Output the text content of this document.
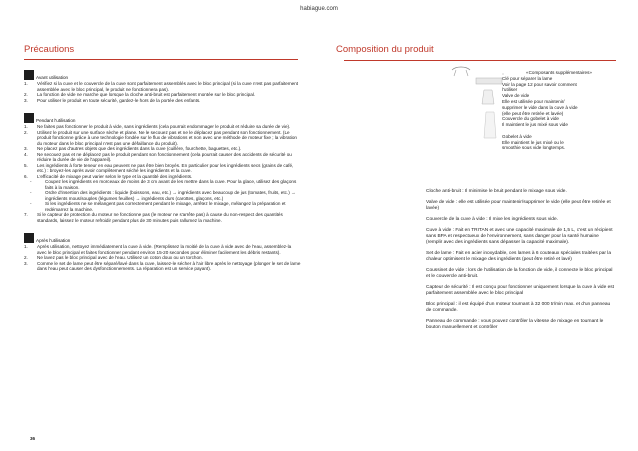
habiague.com
Précautions
Avant utilisation
1.	Vérifiez si la cuve et le couvercle de la cuve sont parfaitement assemblés avec le bloc principal (si la cuve n'est pas parfaitement assemblée avec le bloc principal, le produit ne fonctionnera pas).
2.	La fonction de vide ne marche que lorsque la cloche anti-bruit est parfaitement montée sur le bloc principal.
3.	Pour utiliser le produit en toute sécurité, gardez-le hors de la portée des enfants.
Pendant l'utilisation
1.	Ne faites pas fonctionner le produit à vide, sans ingrédients (cela pourrait endommager le produit et réduire sa durée de vie).
2.	Utilisez le produit sur une surface sèche et plane. Ne le secouez pas et ne le déplacez pas pendant son fonctionnement. (Le produit fonctionne grâce à une technologie fondée sur le flux de vibrations et non avec une méthode de moteur fixe ; la vibration du moteur dans le bloc principal n'est pas une défaillance du produit).
3.	Ne placez pas d'autres objets que des ingrédients dans la cuve (cuillère, fourchette, baguettes, etc.).
4.	Ne secouez pas et ne déplacez pas le produit pendant son fonctionnement (cela pourrait causer des accidents de sécurité ou réduire la durée de vie de l'appareil).
5.	Les ingrédients à forte teneur en eau peuvent ne pas être bien broyés. En particulier pour les ingrédients secs (grains de café, etc.) : broyez-les après avoir complètement séché les ingrédients et la cuve.
6.	L'efficacité de mixage peut varier selon le type et la quantité des ingrédients.
-	Coupez les ingrédients en morceaux de moins de 3 cm avant de les mettre dans la cuve. Pour la glace, utilisez des glaçons faits à la maison.
-	Ordre d'insertion des ingrédients : liquide (boissons, eau, etc.) → ingrédients avec beaucoup de jus (tomates, fruits, etc.) → ingrédients mous/souples (légumes feuilles) → ingrédients durs (carottes, glaçons, etc.)
-	Si les ingrédients ne se mélangent pas correctement pendant le mixage, arrêtez le mixage, mélangez la préparation et redémarrez la machine.
7.	Si le capteur de protection du moteur ne fonctionne pas (le moteur ne s'arrête pas) à cause du non-respect des quantités standards, laissez le moteur refroidir pendant plus de 30 minutes puis rallumez la machine.
Après l'utilisation
1.	Après utilisation, nettoyez immédiatement la cuve à vide. (Remplissez la moitié de la cuve à vide avec de l'eau, assemblez-la avec le bloc principal et faites fonctionner pendant environ 15-20 secondes pour éliminer facilement les débris restants).
2.	Ne lavez pas le bloc principal avec de l'eau. Utilisez un coton doux ou un torchon.
3.	Comme le set de lame peut être séparé/lavé dans la cuve, laissez-le sécher à l'air libre après le nettoyage (plonger le set de lame dans l'eau peut causer des dysfonctionnements. La réparation est un service payant).
36
Composition du produit
«Composants supplémentaires»
Clé pour séparer la lame
Voir la page 12 pour savoir comment
l'utiliser
Valve de vide
Elle est utilisée pour maintenir/
supprimer le vide dans la cuve à vide
(elle peut être retirée et lavée)
Couvercle du gobelet à vide
Il maintient le jus mixé sous vide
Gobelet à vide
Elle maintient le jus mixé ou le
smoothie sous vide longtemps.
Cloche anti-bruit : Il minimise le bruit pendant le mixage sous vide.
Valve de vide : elle est utilisée pour maintenir/supprimer le vide (elle peut être retirée et lavée)
Couvercle de la cuve à vide : Il mixe les ingrédients sous vide.
Cuve à vide : Fait en TRITAN et avec une capacité maximale de 1,5 L, c'est un récipient sans BPA et respectueux de l'environnement, sans danger pour la santé humaine (remplir avec des ingrédients sans dépasser la capacité maximale).
Set de lame : Fait en acier inoxydable, ces lames à 6 couteaux spéciales traitées par la chaleur optimisent le mixage des ingrédients (peut être retiré et lavé)
Coussinet de vide : lors de l'utilisation de la fonction de vide, il connecte le bloc principal et le couvercle anti-bruit.
Capteur de sécurité : Il est conçu pour fonctionner uniquement lorsque la cuve à vide est parfaitement assemblée avec le bloc principal
Bloc principal : il est équipé d'un moteur tournant à 32 000 tr/min max. et d'un panneau de commande.
Panneau de commande : vous pouvez contrôler la vitesse de mixage en tournant le bouton manuellement et contrôler
